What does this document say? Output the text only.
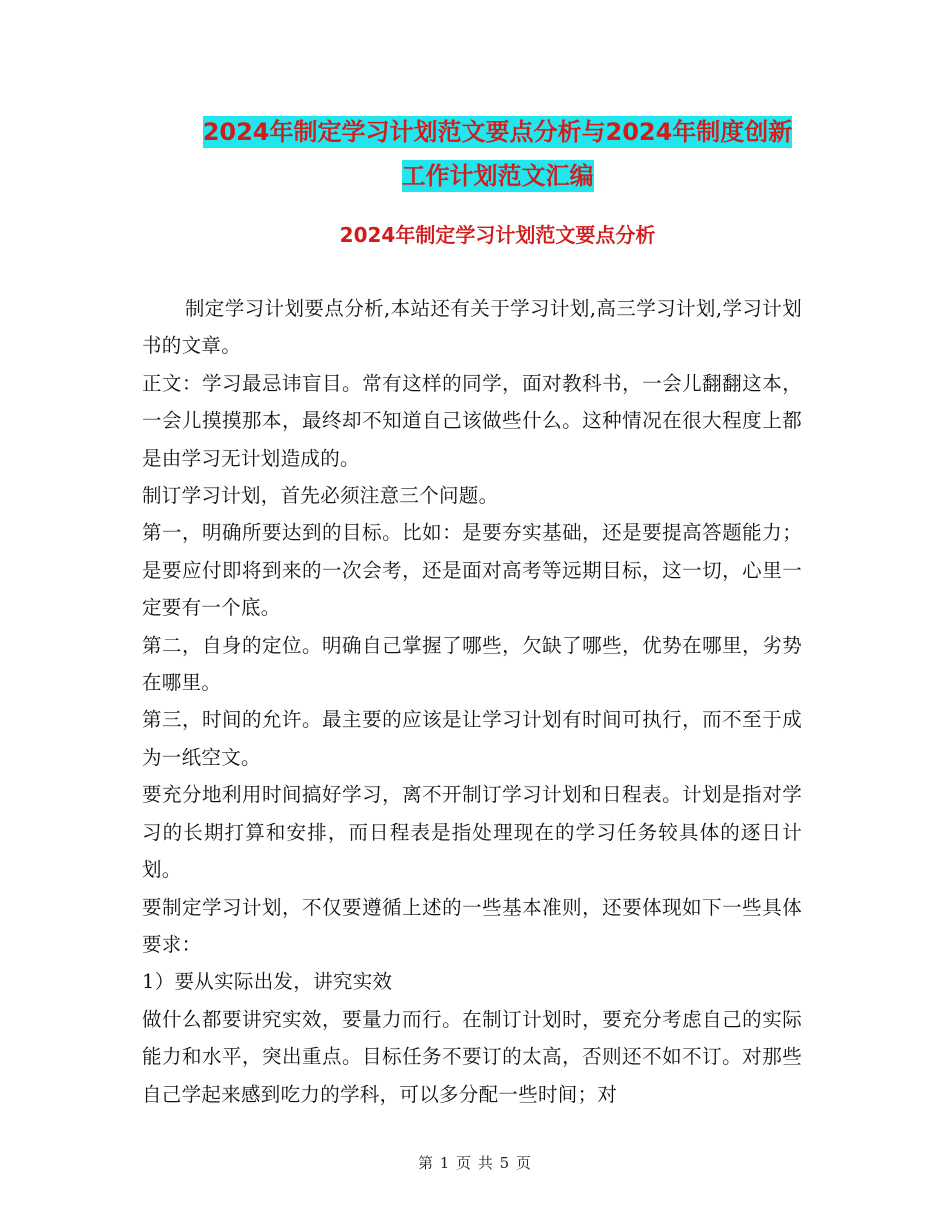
2024年制定学习计划范文要点分析与2024年制度创新
工作计划范文汇编
2024年制定学习计划范文要点分析

制定学习计划要点分析,本站还有关于学习计划,高三学习计划,学习计划书的文章。

正文：学习最忌讳盲目。常有这样的同学，面对教科书，一会儿翻翻这本，一会儿摸摸那本，最终却不知道自己该做些什么。这种情况在很大程度上都是由学习无计划造成的。

制订学习计划，首先必须注意三个问题。

第一，明确所要达到的目标。比如：是要夯实基础，还是要提高答题能力；是要应付即将到来的一次会考，还是面对高考等远期目标，这一切，心里一定要有一个底。

第二，自身的定位。明确自己掌握了哪些，欠缺了哪些，优势在哪里，劣势在哪里。

第三，时间的允许。最主要的应该是让学习计划有时间可执行，而不至于成为一纸空文。

要充分地利用时间搞好学习，离不开制订学习计划和日程表。计划是指对学习的长期打算和安排，而日程表是指处理现在的学习任务较具体的逐日计划。

要制定学习计划，不仅要遵循上述的一些基本准则，还要体现如下一些具体要求：

1）要从实际出发，讲究实效

做什么都要讲究实效，要量力而行。在制订计划时，要充分考虑自己的实际能力和水平，突出重点。目标任务不要订的太高，否则还不如不订。对那些自己学起来感到吃力的学科，可以多分配一些时间；对

第 1 页 共 5 页
